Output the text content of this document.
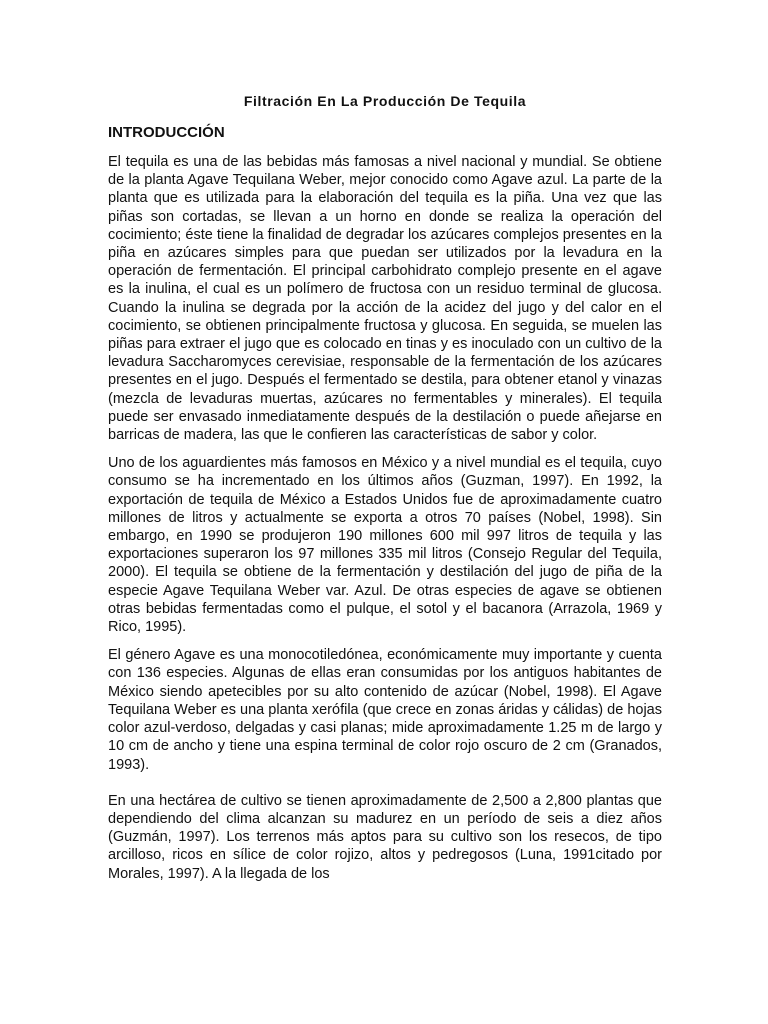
Filtración En La Producción De Tequila
INTRODUCCIÓN

El tequila es una de las bebidas más famosas a nivel nacional y mundial. Se obtiene de la planta Agave Tequilana Weber, mejor conocido como Agave azul. La parte de la planta que es utilizada para la elaboración del tequila es la piña. Una vez que las piñas son cortadas, se llevan a un horno en donde se realiza la operación del cocimiento; éste tiene la finalidad de degradar los azúcares complejos presentes en la piña en azúcares simples para que puedan ser utilizados por la levadura en la operación de fermentación. El principal carbohidrato complejo presente en el agave es la inulina, el cual es un polímero de fructosa con un residuo terminal de glucosa. Cuando la inulina se degrada por la acción de la acidez del jugo y del calor en el cocimiento, se obtienen principalmente fructosa y glucosa. En seguida, se muelen las piñas para extraer el jugo que es colocado en tinas y es inoculado con un cultivo de la levadura Saccharomyces cerevisiae, responsable de la fermentación de los azúcares presentes en el jugo. Después el fermentado se destila, para obtener etanol y vinazas (mezcla de levaduras muertas, azúcares no fermentables y minerales). El tequila puede ser envasado inmediatamente después de la destilación o puede añejarse en barricas de madera, las que le confieren las características de sabor y color.

Uno de los aguardientes más famosos en México y a nivel mundial es el tequila, cuyo consumo se ha incrementado en los últimos años (Guzman, 1997). En 1992, la exportación de tequila de México a Estados Unidos fue de aproximadamente cuatro millones de litros y actualmente se exporta a otros 70 países (Nobel, 1998). Sin embargo, en 1990 se produjeron 190 millones 600 mil 997 litros de tequila y las exportaciones superaron los 97 millones 335 mil litros (Consejo Regular del Tequila, 2000). El tequila se obtiene de la fermentación y destilación del jugo de piña de la especie Agave Tequilana Weber var. Azul. De otras especies de agave se obtienen otras bebidas fermentadas como el pulque, el sotol y el bacanora (Arrazola, 1969 y Rico, 1995).

El género Agave es una monocotiledónea, económicamente muy importante y cuenta con 136 especies. Algunas de ellas eran consumidas por los antiguos habitantes de México siendo apetecibles por su alto contenido de azúcar (Nobel, 1998). El Agave Tequilana Weber es una planta xerófila (que crece en zonas áridas y cálidas) de hojas color azul-verdoso, delgadas y casi planas; mide aproximadamente 1.25 m de largo y 10 cm de ancho y tiene una espina terminal de color rojo oscuro de 2 cm (Granados, 1993).

En una hectárea de cultivo se tienen aproximadamente de 2,500 a 2,800 plantas que dependiendo del clima alcanzan su madurez en un período de seis a diez años (Guzmán, 1997). Los terrenos más aptos para su cultivo son los resecos, de tipo arcilloso, ricos en sílice de color rojizo, altos y pedregosos (Luna, 1991citado por Morales, 1997). A la llegada de los
